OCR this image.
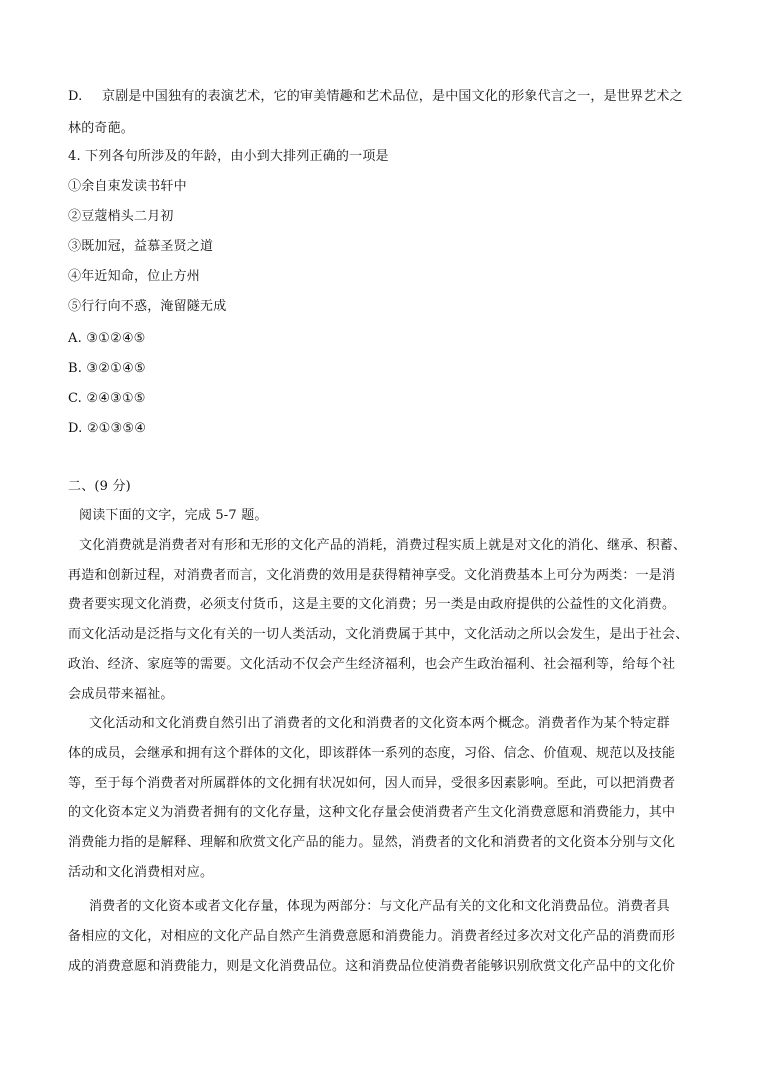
D. 京剧是中国独有的表演艺术，它的审美情趣和艺术品位，是中国文化的形象代言之一，是世界艺术之
林的奇葩。
4. 下列各句所涉及的年龄，由小到大排列正确的一项是
①余自束发读书轩中
②豆蔻梢头二月初
③既加冠，益慕圣贤之道
④年近知命，位止方州
⑤行行向不惑，淹留隧无成
A. ③①②④⑤
B. ③②①④⑤
C. ②④③①⑤
D. ②①③⑤④
二、(9 分)
阅读下面的文字，完成 5-7 题。
文化消费就是消费者对有形和无形的文化产品的消耗，消费过程实质上就是对文化的消化、继承、积蓄、
再造和创新过程，对消费者而言，文化消费的效用是获得精神享受。文化消费基本上可分为两类：一是消
费者要实现文化消费，必须支付货币，这是主要的文化消费；另一类是由政府提供的公益性的文化消费。
而文化活动是泛指与文化有关的一切人类活动，文化消费属于其中，文化活动之所以会发生，是出于社会、
政治、经济、家庭等的需要。文化活动不仅会产生经济福利，也会产生政治福利、社会福利等，给每个社
会成员带来福祉。
文化活动和文化消费自然引出了消费者的文化和消费者的文化资本两个概念。消费者作为某个特定群
体的成员，会继承和拥有这个群体的文化，即该群体一系列的态度，习俗、信念、价值观、规范以及技能
等，至于每个消费者对所属群体的文化拥有状况如何，因人而异，受很多因素影响。至此，可以把消费者
的文化资本定义为消费者拥有的文化存量，这种文化存量会使消费者产生文化消费意愿和消费能力，其中
消费能力指的是解释、理解和欣赏文化产品的能力。显然，消费者的文化和消费者的文化资本分别与文化
活动和文化消费相对应。
消费者的文化资本或者文化存量，体现为两部分：与文化产品有关的文化和文化消费品位。消费者具
备相应的文化，对相应的文化产品自然产生消费意愿和消费能力。消费者经过多次对文化产品的消费而形
成的消费意愿和消费能力，则是文化消费品位。这和消费品位使消费者能够识别欣赏文化产品中的文化价
